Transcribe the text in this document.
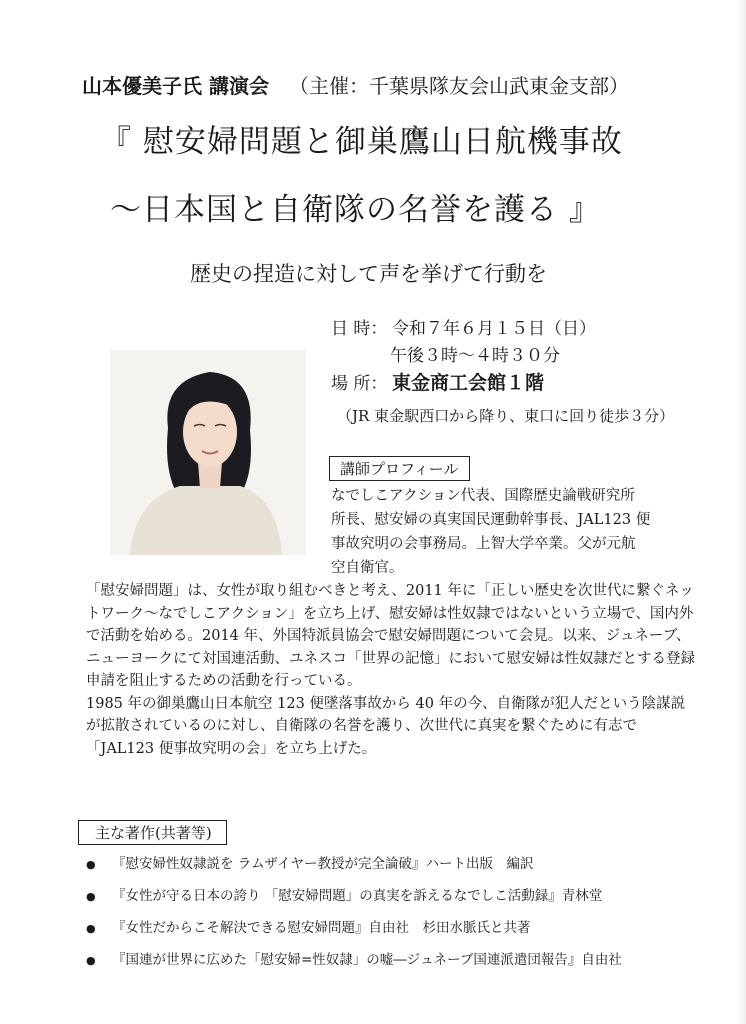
山本優美子氏 講演会 （主催：千葉県隊友会山武東金支部）
『 慰安婦問題と御巣鷹山日航機事故
～日本国と自衛隊の名誉を護る 』
歴史の捏造に対して声を挙げて行動を
日 時： 令和７年６月１５日（日）
午後３時～４時３０分
場 所： 東金商工会館１階
（JR 東金駅西口から降り、東口に回り徒歩３分）
講師プロフィール
なでしこアクション代表、国際歴史論戦研究所
所長、慰安婦の真実国民運動幹事長、JAL123 便
事故究明の会事務局。上智大学卒業。父が元航
空自衛官。

「慰安婦問題」は、女性が取り組むべきと考え、2011 年に「正しい歴史を次世代に繋ぐネットワーク～なでしこアクション」を立ち上げ、慰安婦は性奴隷ではないという立場で、国内外で活動を始める。2014 年、外国特派員協会で慰安婦問題について会見。以来、ジュネーブ、ニューヨークにて対国連活動、ユネスコ「世界の記憶」において慰安婦は性奴隷だとする登録申請を阻止するための活動を行っている。

1985 年の御巣鷹山日本航空 123 便墜落事故から 40 年の今、自衛隊が犯人だという陰謀説が拡散されているのに対し、自衛隊の名誉を護り、次世代に真実を繋ぐために有志で「JAL123 便事故究明の会」を立ち上げた。

主な著作(共著等)
● 『慰安婦性奴隷説を ラムザイヤー教授が完全論破』ハート出版　編訳
● 『女性が守る日本の誇り 「慰安婦問題」の真実を訴えるなでしこ活動録』青林堂
● 『女性だからこそ解決できる慰安婦問題』自由社　杉田水脈氏と共著
● 『国連が世界に広めた「慰安婦=性奴隷」の嘘―ジュネーブ国連派遣団報告』自由社
